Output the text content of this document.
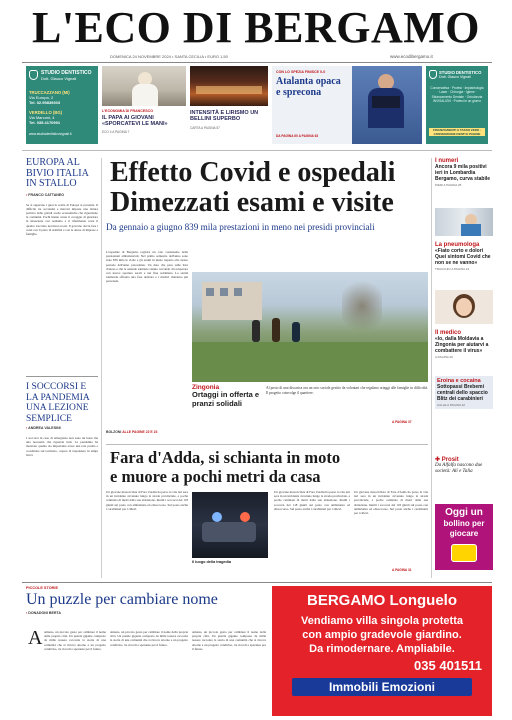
L'ECO DI BERGAMO
DOMENICA 24 NOVEMBRE 2024 • SANTA CECILIA • EURO 1,50	www.ecodibergamo.it
STUDIO DENTISTICO
Dott. Glauco Vignali
TRUCCAZZANO (MI)
Via Europa, 2
Tel. 02.95839303
VERDELLO (BG)
Via Marconi, 4
Tel. 035.4170991
www.studiodentisticovignali.it
L'ECONOMIA DI FRANCESCO
IL PAPA AI GIOVANI «SPORCATEVI LE MANI»
ECO 4 A PAGINA 7
INTENSITÀ E LIRISMO UN BELLINI SUPERBO
CARTA A PAGINA 57
CON LO SPEZIA FINISCE 0-0
Atalanta opaca e sprecona
DA PAGINA 60 A PAGINA 63
STUDIO DENTISTICO
Dott. Glauco Vignali
Conservativa · Protesi · Implantologia · Laser · Chirurgia · Igiene · Sbiancamento Dentale · Ortodonzia INVISALIGN · Protesi in un giorno
FINANZIAMENTI A TASSO ZERO · CONVENZIONE DENTI E PAGINE
EUROPA AL BIVIO ITALIA IN STALLO
▪ FRANCO CATTANEO
Se si superano i guai la scelta di Europa si presenta. Il difficile tra sovranità e mercati impone una lettura politica delle grandi scelte economiche che riguardano la comunità. Pochi hanno avuto il coraggio di guardare la situazione con realismo e il riferimento resta il quadro tracciato nei mesi scorsi. Il governo dovrà fare i conti con il patto di stabilità e con le attese di imprese e famiglie.
I SOCCORSI E LA PANDEMIA UNA LEZIONE SEMPLICE
▪ ANDREA VALESINI
I soccorsi in caso di emergenza non sono un lusso ma una necessità che riguarda tutti. La pandemia ha mostrato quanto sia importante avere una rete pronta e coordinata sul territorio, capace di rispondere in tempi brevi.
Effetto Covid e ospedali
Dimezzati esami e visite
Da gennaio a giugno 839 mila prestazioni in meno nei presidi provinciali
L'ospedale di Bergamo registra un calo consistente delle prestazioni ambulatoriali. Nel primo semestre dell'anno sono state 839 mila le visite e gli esami in meno rispetto allo stesso periodo dell'anno precedente. Un dato che pesa sulle liste d'attesa e che le aziende sanitarie stanno cercando di recuperare con nuove aperture serali e nei fine settimana. La sanità lombarda affronta una fase delicata e i medici chiedono più personale.
BOLZONI ALLE PAGINE 22 E 23
Zingonia
Ortaggi in offerta e pranzi solidali
Al posto di una discarica ora un orto sociale gestito da volontari che regalano ortaggi alle famiglie in difficoltà. Il progetto coinvolge il quartiere.
A PAGINA 37
I numeri
Ancora 9 mila positivi ieri in Lombardia Bergamo, curva stabile
PIERI A PAGINA 25
La pneumologa
«Fiato corto e dolori Quei sintomi Covid che non se ne vanno»
TRACCHIO A PAGINA 24
Il medico
«Io, dalla Moldavia a Zingonia per aiutarvi a combattere il virus»
A PAGINA 26
Eroina e cocaina
Sottopassi Brebemi centrali dello spaccio Blitz dei carabinieri
CALLE A PAGINA 42
✚ Prosit
Da Alfalfa nascono due società: Ali e Talia
Oggi un
bollino per
giocare
Fara d'Adda, si schianta in moto
e muore a pochi metri da casa
Un giovane motociclista di Fara d'Adda ha perso la vita ieri sera in un incidente avvenuto lungo la strada provinciale, a poche centinaia di metri dalla sua abitazione. Inutili i soccorsi del 118 giunti sul posto con ambulanza ed elisoccorso. Sul posto anche i carabinieri per i rilievi.
Il luogo della tragedia
Un giovane motociclista di Fara d'Adda ha perso la vita ieri sera in un incidente avvenuto lungo la strada provinciale, a poche centinaia di metri dalla sua abitazione. Inutili i soccorsi del 118 giunti sul posto con ambulanza ed elisoccorso. Sul posto anche i carabinieri per i rilievi.
Un giovane motociclista di Fara d'Adda ha perso la vita ieri sera in un incidente avvenuto lungo la strada provinciale, a poche centinaia di metri dalla sua abitazione. Inutili i soccorsi del 118 giunti sul posto con ambulanza ed elisoccorso. Sul posto anche i carabinieri per i rilievi.
A PAGINA 31
PICCOLE STORIE
Un puzzle per cambiare nome
▪ DONADONI BERTA
A Ameno, un piccolo gesto per cambiare il nome della propria città. Un puzzle gigante composto da mille tessere racconta la storia di una comunità che si ritrova attorno a un progetto condiviso, tra ricordi e speranze per il futuro.
Ameno, un piccolo gesto per cambiare il nome della propria città. Un puzzle gigante composto da mille tessere racconta la storia di una comunità che si ritrova attorno a un progetto condiviso, tra ricordi e speranze per il futuro.
Ameno, un piccolo gesto per cambiare il nome della propria città. Un puzzle gigante composto da mille tessere racconta la storia di una comunità che si ritrova attorno a un progetto condiviso, tra ricordi e speranze per il futuro.
BERGAMO Longuelo
Vendiamo villa singola protetta
con ampio gradevole giardino.
Da rimodernare. Ampliabile.
035 401511
Immobili Emozioni
